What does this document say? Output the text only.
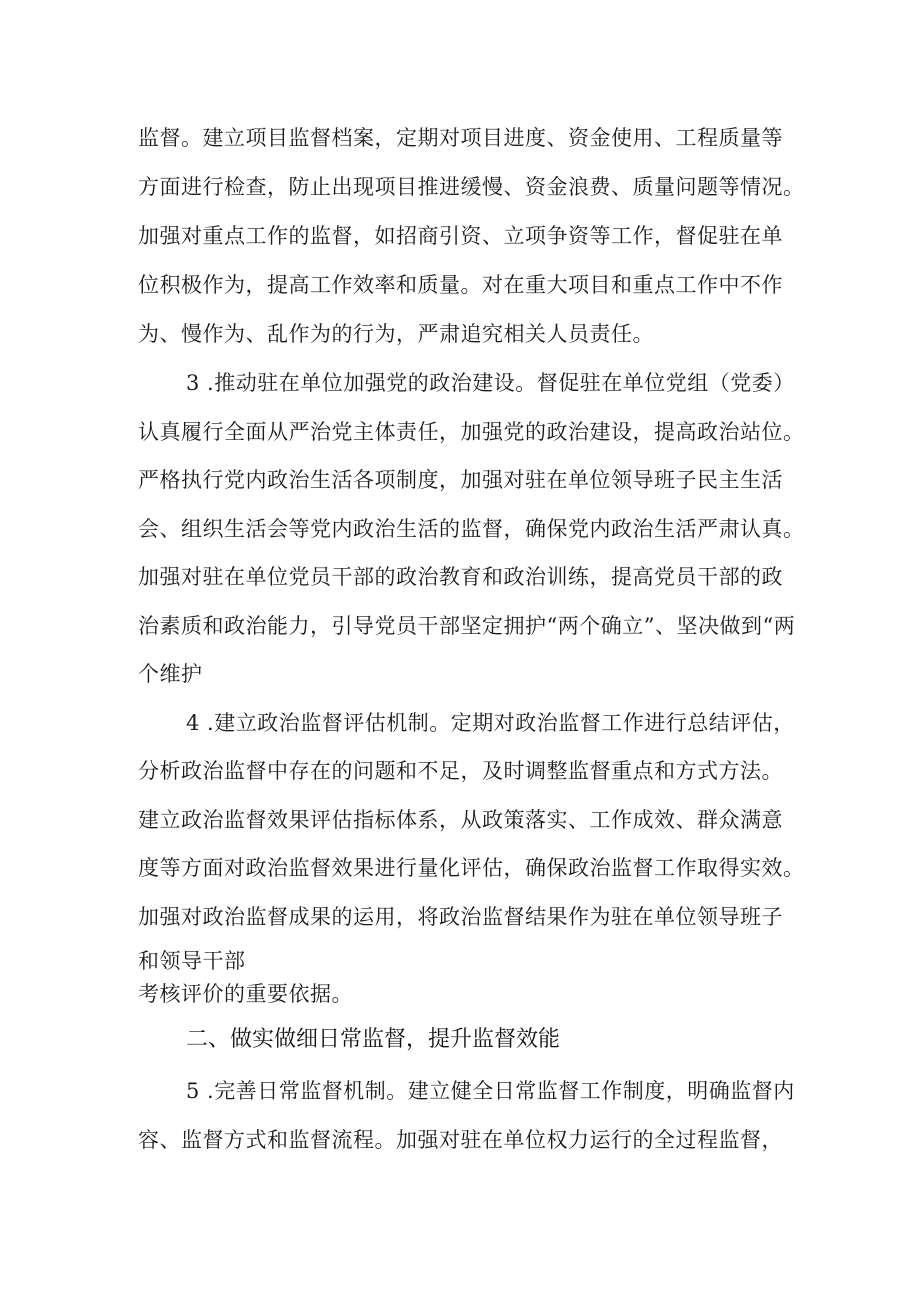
监督。建立项目监督档案，定期对项目进度、资金使用、工程质量等
方面进行检查，防止出现项目推进缓慢、资金浪费、质量问题等情况。
加强对重点工作的监督，如招商引资、立项争资等工作，督促驻在单
位积极作为，提高工作效率和质量。对在重大项目和重点工作中不作
为、慢作为、乱作为的行为，严肃追究相关人员责任。
3 .推动驻在单位加强党的政治建设。督促驻在单位党组（党委）
认真履行全面从严治党主体责任，加强党的政治建设，提高政治站位。
严格执行党内政治生活各项制度，加强对驻在单位领导班子民主生活
会、组织生活会等党内政治生活的监督，确保党内政治生活严肃认真。
加强对驻在单位党员干部的政治教育和政治训练，提高党员干部的政
治素质和政治能力，引导党员干部坚定拥护“两个确立”、坚决做到“两
个维护
4 .建立政治监督评估机制。定期对政治监督工作进行总结评估，
分析政治监督中存在的问题和不足，及时调整监督重点和方式方法。
建立政治监督效果评估指标体系，从政策落实、工作成效、群众满意
度等方面对政治监督效果进行量化评估，确保政治监督工作取得实效。
加强对政治监督成果的运用，将政治监督结果作为驻在单位领导班子
和领导干部
考核评价的重要依据。
二、做实做细日常监督，提升监督效能
5 .完善日常监督机制。建立健全日常监督工作制度，明确监督内
容、监督方式和监督流程。加强对驻在单位权力运行的全过程监督，
